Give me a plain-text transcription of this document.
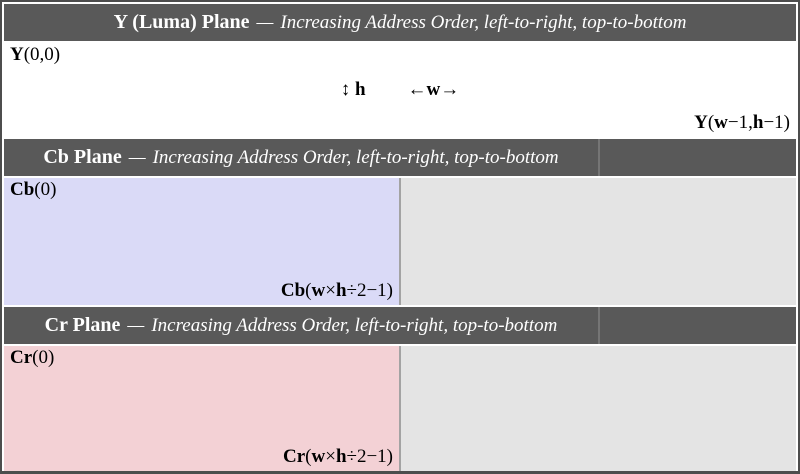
Y (Luma) Plane — Increasing Address Order, left-to-right, top-to-bottom
Y(0,0)
↕ h ←w→
Y(w−1,h−1)
Cb Plane — Increasing Address Order, left-to-right, top-to-bottom
Cb(0)
Cb(w×h÷2−1)
Cr Plane — Increasing Address Order, left-to-right, top-to-bottom
Cr(0)
Cr(w×h÷2−1)
